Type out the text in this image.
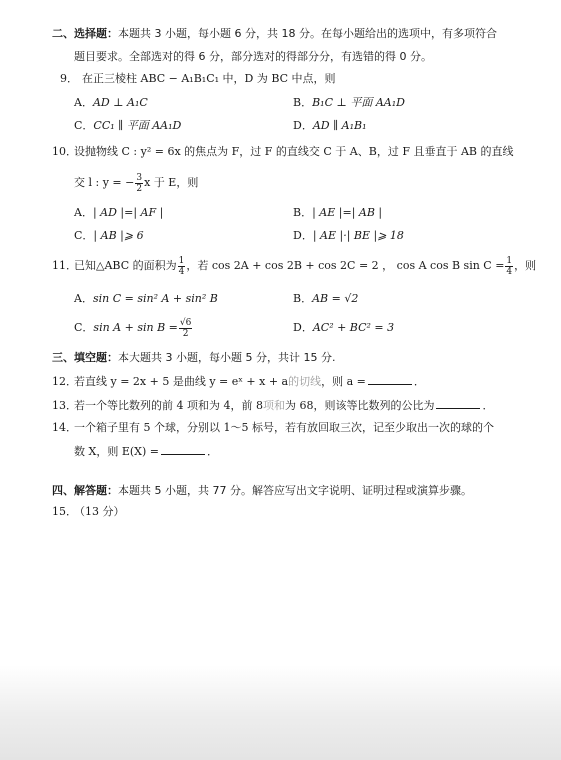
二、选择题：本题共 3 小题，每小题 6 分，共 18 分。在每小题给出的选项中，有多项符合
题目要求。全部选对的得 6 分，部分选对的得部分分，有选错的得 0 分。
9． 在正三棱柱 ABC − A₁B₁C₁ 中，D 为 BC 中点，则
A．AD ⊥ A₁C	B．B₁C ⊥ 平面 AA₁D
C．CC₁ ∥ 平面 AA₁D	D．AD ∥ A₁B₁
10．设抛物线 C : y² = 6x 的焦点为 F，过 F 的直线交 C 于 A、B，过 F 且垂直于 AB 的直线
交 l : y = − $\frac{3}{2}$ x 于 E，则
A．| AD |=| AF |	B．| AE |=| AB |
C．| AB |⩾ 6	D．| AE |·| BE |⩾ 18
11．已知△ABC 的面积为 $\frac{1}{4}$ ，若 cos 2A + cos 2B + cos 2C = 2 ， cos A cos B $\sin C = \frac{1}{4}$ ，则
A．sin C = sin² A + sin² B	B．AB = √2
C．$\sin A + \sin B = \frac{√6}{2}$	D．AC² + BC² = 3
三、填空题：本大题共 3 小题，每小题 5 分，共计 15 分.
12．若直线 y = 2x + 5 是曲线 y = eˣ + x + a的切线，则 a =	．
13．若一个等比数列的前 4 项和为 4，前 8项和为 68，则该等比数列的公比为	．
14．一个箱子里有 5 个球，分别以 1～5 标号，若有放回取三次，记至少取出一次的球的个
数 X，则 E(X) =	．
四、解答题：本题共 5 小题，共 77 分。解答应写出文字说明、证明过程或演算步骤。
15．（13 分）
